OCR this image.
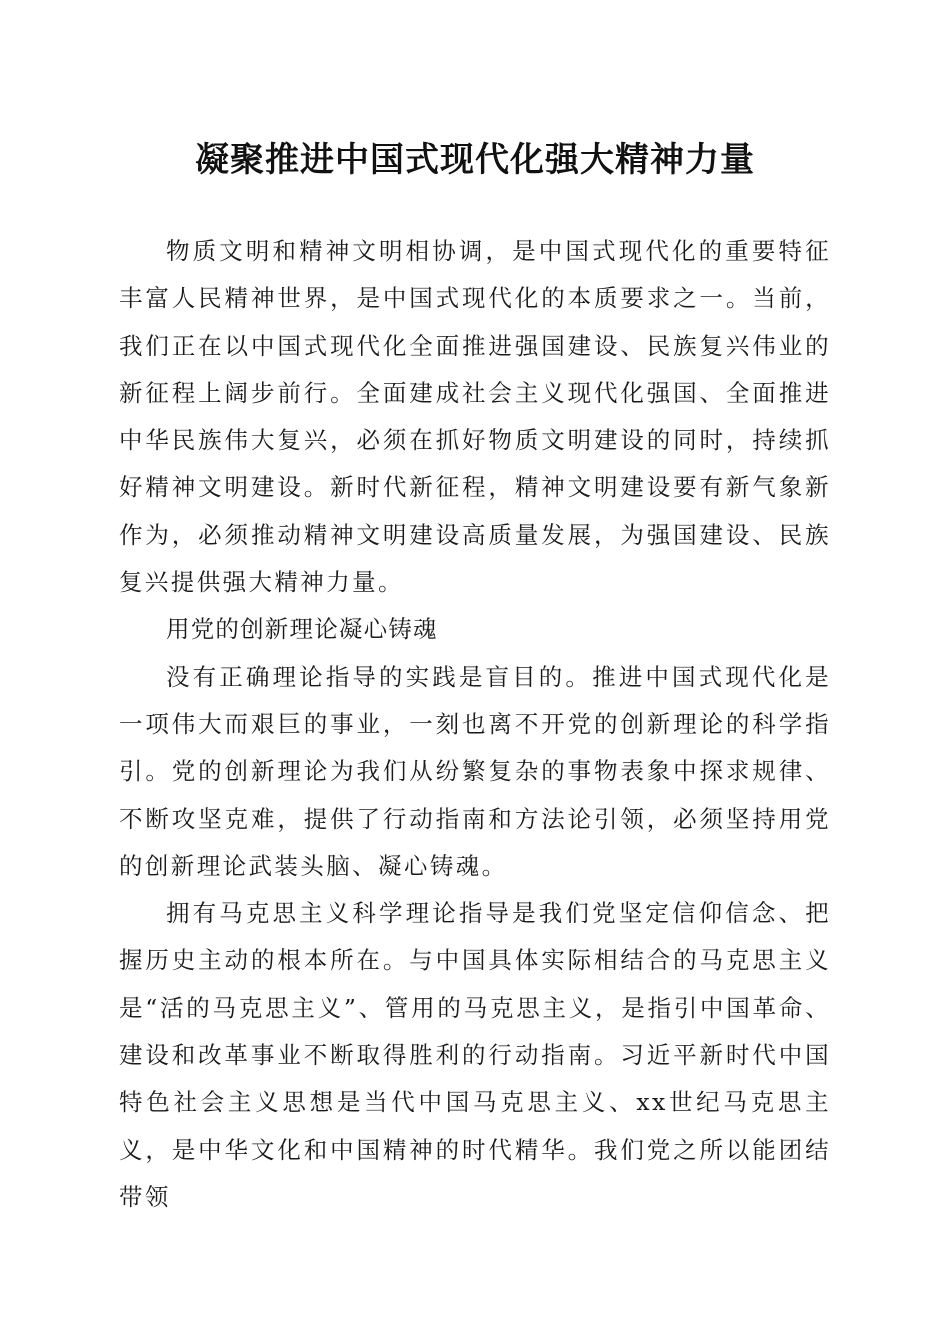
凝聚推进中国式现代化强大精神力量

物质文明和精神文明相协调，是中国式现代化的重要特征丰富人民精神世界，是中国式现代化的本质要求之一。当前，我们正在以中国式现代化全面推进强国建设、民族复兴伟业的新征程上阔步前行。全面建成社会主义现代化强国、全面推进中华民族伟大复兴，必须在抓好物质文明建设的同时，持续抓好精神文明建设。新时代新征程，精神文明建设要有新气象新作为，必须推动精神文明建设高质量发展，为强国建设、民族复兴提供强大精神力量。

用党的创新理论凝心铸魂

没有正确理论指导的实践是盲目的。推进中国式现代化是一项伟大而艰巨的事业，一刻也离不开党的创新理论的科学指引。党的创新理论为我们从纷繁复杂的事物表象中探求规律、不断攻坚克难，提供了行动指南和方法论引领，必须坚持用党的创新理论武装头脑、凝心铸魂。

拥有马克思主义科学理论指导是我们党坚定信仰信念、把握历史主动的根本所在。与中国具体实际相结合的马克思主义是“活的马克思主义”、管用的马克思主义，是指引中国革命、建设和改革事业不断取得胜利的行动指南。习近平新时代中国特色社会主义思想是当代中国马克思主义、xx世纪马克思主义，是中华文化和中国精神的时代精华。我们党之所以能团结带领
